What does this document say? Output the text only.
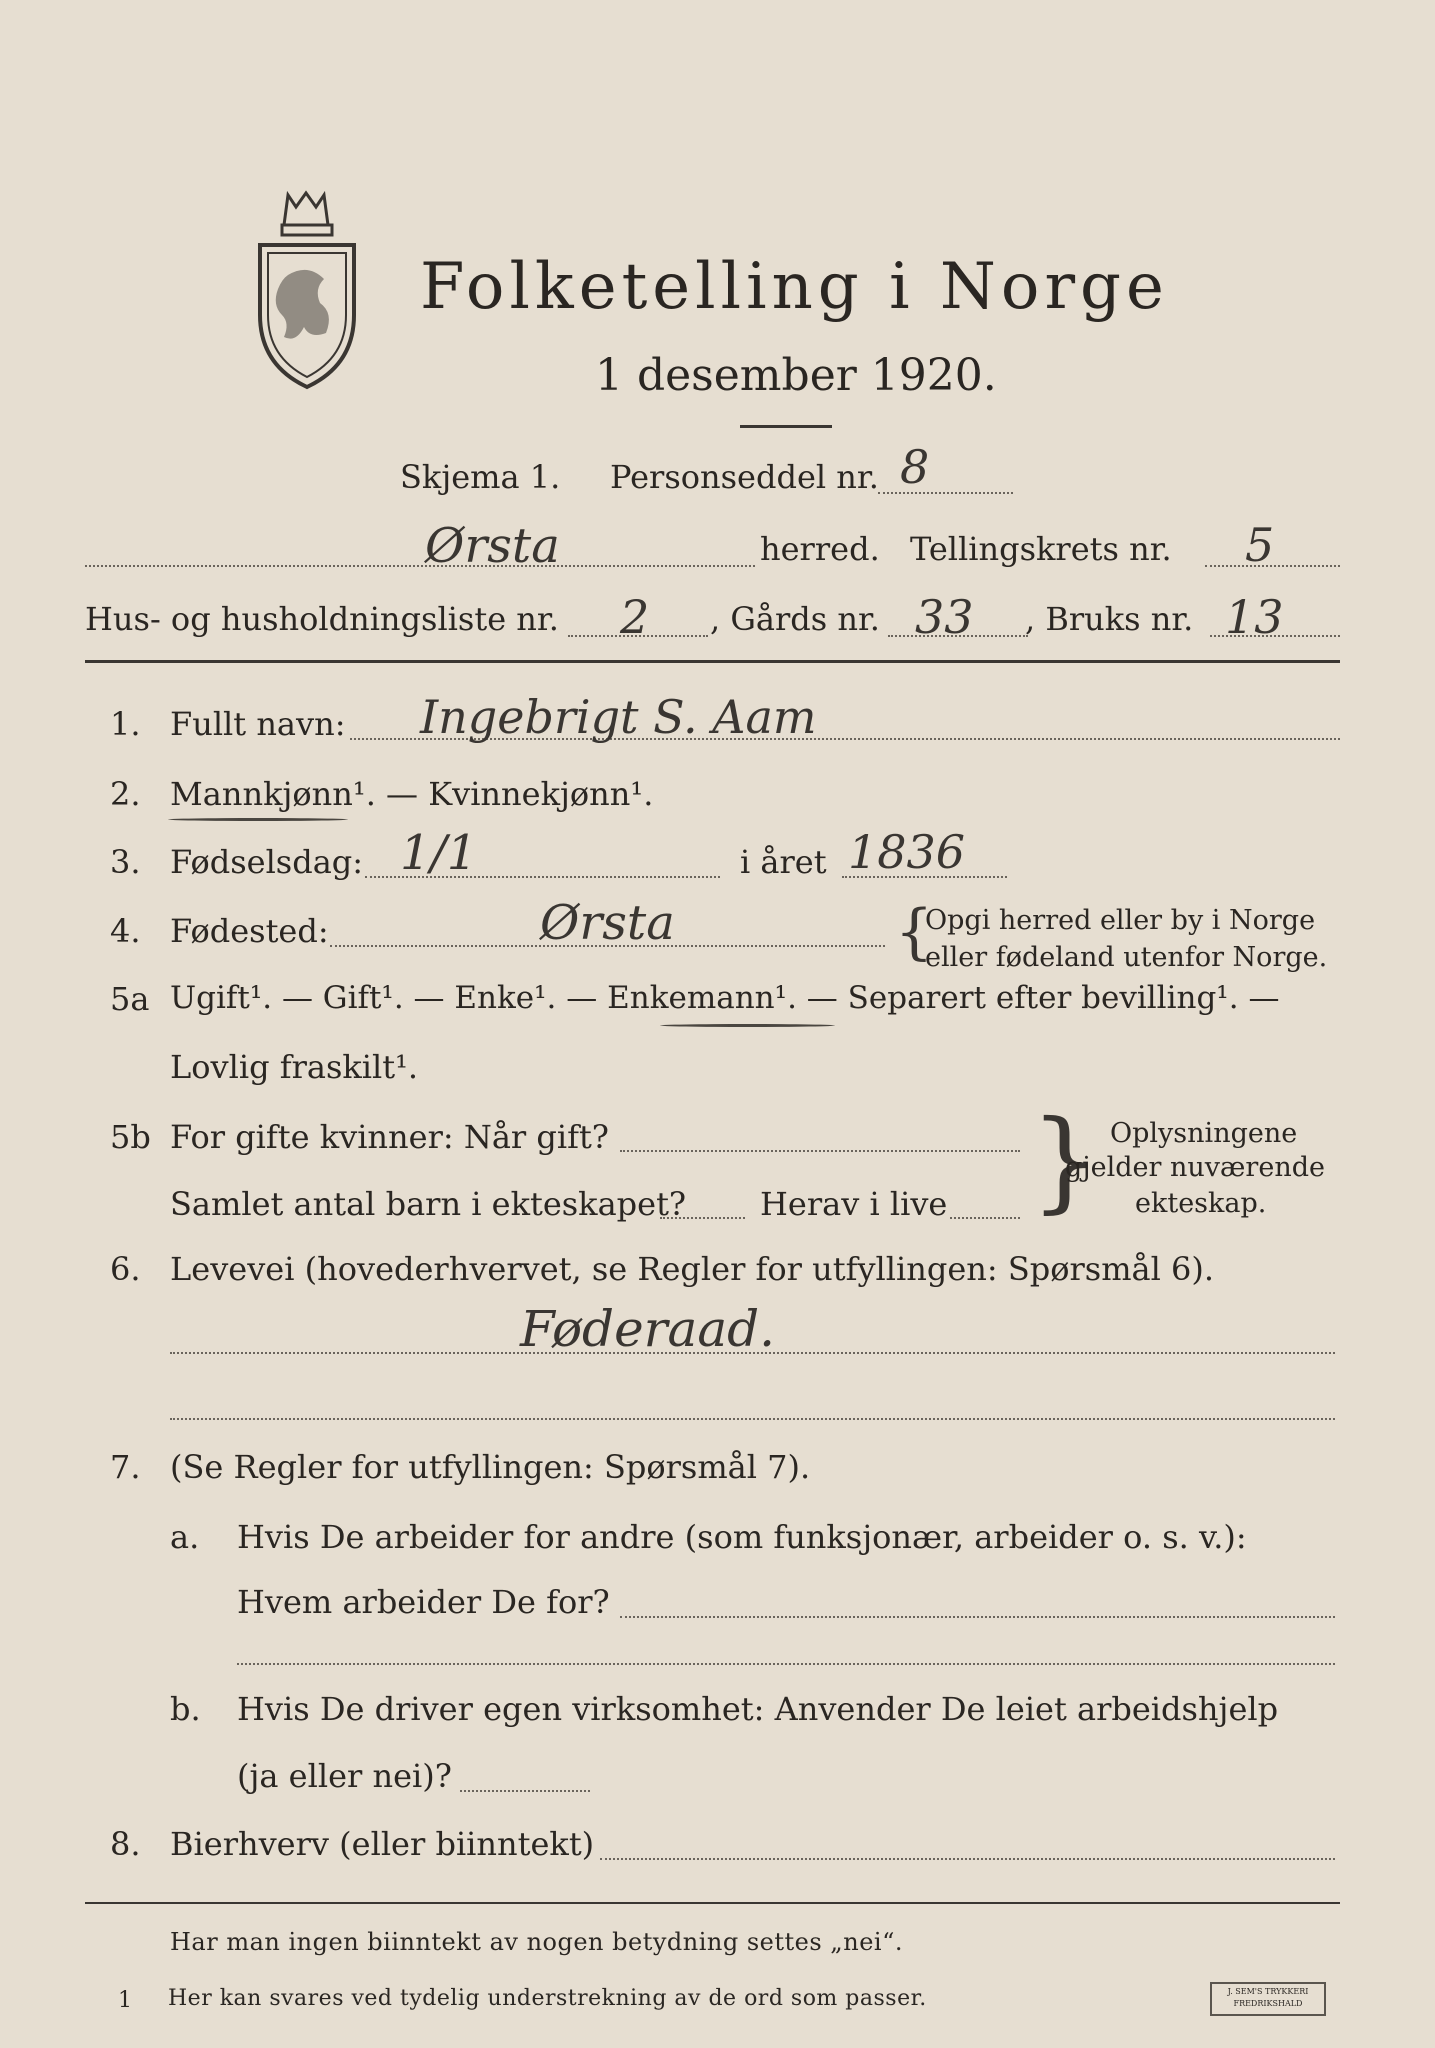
Folketelling i Norge
1 desember 1920.
Skjema 1. Personseddel nr. 8
Ørsta	herred. Tellingskrets nr. 5
Hus- og husholdningsliste nr. 2 , Gårds nr. 33 , Bruks nr. 13
1. Fullt navn: Ingebrigt S. Aam
2. Mannkjønn¹. — Kvinnekjønn¹.
3. Fødselsdag: 1/1	i året 1836
4. Fødested:	Ørsta	{
Opgi herred eller by i Norge
eller fødeland utenfor Norge.
5a Ugift¹. — Gift¹. — Enke¹. — Enkemann¹. — Separert efter bevilling¹. —
Lovlig fraskilt¹.
5b For gifte kvinner: Når gift?
Samlet antal barn i ekteskapet? Herav i live } Oplysningene
gjelder nuværende
ekteskap.
6. Levevei (hovederhvervet, se Regler for utfyllingen: Spørsmål 6).
Føderaad.
7. (Se Regler for utfyllingen: Spørsmål 7).
a. Hvis De arbeider for andre (som funksjonær, arbeider o. s. v.):
Hvem arbeider De for?
b. Hvis De driver egen virksomhet: Anvender De leiet arbeidshjelp
(ja eller nei)?
8. Bierhverv (eller biinntekt)
Har man ingen biinntekt av nogen betydning settes „nei“.
1 Her kan svares ved tydelig understrekning av de ord som passer.	J. SEM'S TRYKKERI FREDRIKSHALD
